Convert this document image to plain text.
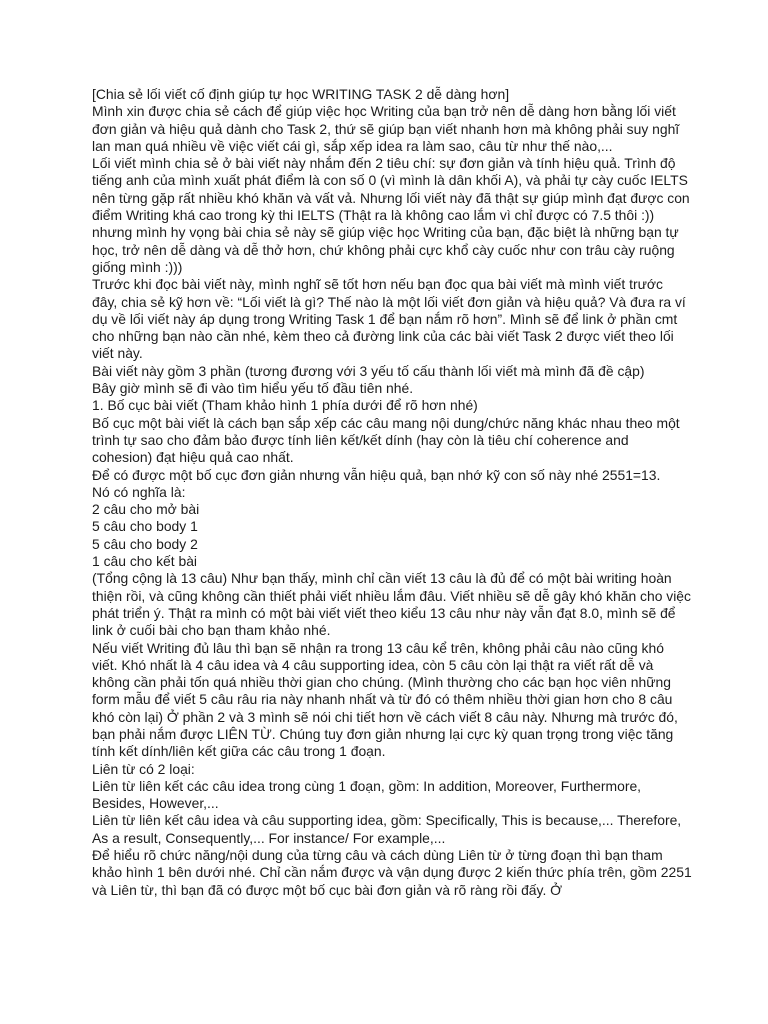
[Chia sẻ lối viết cố định giúp tự học WRITING TASK 2 dễ dàng hơn]

Mình xin được chia sẻ cách để giúp việc học Writing của bạn trở nên dễ dàng hơn bằng lối viết đơn giản và hiệu quả dành cho Task 2, thứ sẽ giúp bạn viết nhanh hơn mà không phải suy nghĩ lan man quá nhiều về việc viết cái gì, sắp xếp idea ra làm sao, câu từ như thế nào,...

Lối viết mình chia sẻ ở bài viết này nhắm đến 2 tiêu chí: sự đơn giản và tính hiệu quả. Trình độ tiếng anh của mình xuất phát điểm là con số 0 (vì mình là dân khối A), và phải tự cày cuốc IELTS nên từng gặp rất nhiều khó khăn và vất vả. Nhưng lối viết này đã thật sự giúp mình đạt được con điểm Writing khá cao trong kỳ thi IELTS (Thật ra là không cao lắm vì chỉ được có 7.5 thôi :)) nhưng mình hy vọng bài chia sẻ này sẽ giúp việc học Writing của bạn, đặc biệt là những bạn tự học, trở nên dễ dàng và dễ thở hơn, chứ không phải cực khổ cày cuốc như con trâu cày ruộng giống mình :)))

Trước khi đọc bài viết này, mình nghĩ sẽ tốt hơn nếu bạn đọc qua bài viết mà mình viết trước đây, chia sẻ kỹ hơn về: “Lối viết là gì? Thế nào là một lối viết đơn giản và hiệu quả? Và đưa ra ví dụ về lối viết này áp dụng trong Writing Task 1 để bạn nắm rõ hơn”. Mình sẽ để link ở phần cmt cho những bạn nào cần nhé, kèm theo cả đường link của các bài viết Task 2 được viết theo lối viết này.

Bài viết này gồm 3 phần (tương đương với 3 yếu tố cấu thành lối viết mà mình đã đề cập)

Bây giờ mình sẽ đi vào tìm hiểu yếu tố đầu tiên nhé.

1. Bố cục bài viết (Tham khảo hình 1 phía dưới để rõ hơn nhé)

Bố cục một bài viết là cách bạn sắp xếp các câu mang nội dung/chức năng khác nhau theo một trình tự sao cho đảm bảo được tính liên kết/kết dính (hay còn là tiêu chí coherence and cohesion) đạt hiệu quả cao nhất.

Để có được một bố cục đơn giản nhưng vẫn hiệu quả, bạn nhớ kỹ con số này nhé 2551=13.

Nó có nghĩa là:

2 câu cho mở bài

5 câu cho body 1

5 câu cho body 2

1 câu cho kết bài

(Tổng cộng là 13 câu) Như bạn thấy, mình chỉ cần viết 13 câu là đủ để có một bài writing hoàn thiện rồi, và cũng không cần thiết phải viết nhiều lắm đâu. Viết nhiều sẽ dễ gây khó khăn cho việc phát triển ý. Thật ra mình có một bài viết viết theo kiểu 13 câu như này vẫn đạt 8.0, mình sẽ để link ở cuối bài cho bạn tham khảo nhé.

Nếu viết Writing đủ lâu thì bạn sẽ nhận ra trong 13 câu kể trên, không phải câu nào cũng khó viết. Khó nhất là 4 câu idea và 4 câu supporting idea, còn 5 câu còn lại thật ra viết rất dễ và không cần phải tốn quá nhiều thời gian cho chúng. (Mình thường cho các bạn học viên những form mẫu để viết 5 câu râu ria này nhanh nhất và từ đó có thêm nhiều thời gian hơn cho 8 câu khó còn lại) Ở phần 2 và 3 mình sẽ nói chi tiết hơn về cách viết 8 câu này. Nhưng mà trước đó, bạn phải nắm được LIÊN TỪ. Chúng tuy đơn giản nhưng lại cực kỳ quan trọng trong việc tăng tính kết dính/liên kết giữa các câu trong 1 đoạn.

Liên từ có 2 loại:

Liên từ liên kết các câu idea trong cùng 1 đoạn, gồm: In addition, Moreover, Furthermore, Besides, However,...

Liên từ liên kết câu idea và câu supporting idea, gồm: Specifically, This is because,... Therefore, As a result, Consequently,... For instance/ For example,...

Để hiểu rõ chức năng/nội dung của từng câu và cách dùng Liên từ ở từng đoạn thì bạn tham khảo hình 1 bên dưới nhé. Chỉ cần nắm được và vận dụng được 2 kiến thức phía trên, gồm 2251 và Liên từ, thì bạn đã có được một bố cục bài đơn giản và rõ ràng rồi đấy. Ở
